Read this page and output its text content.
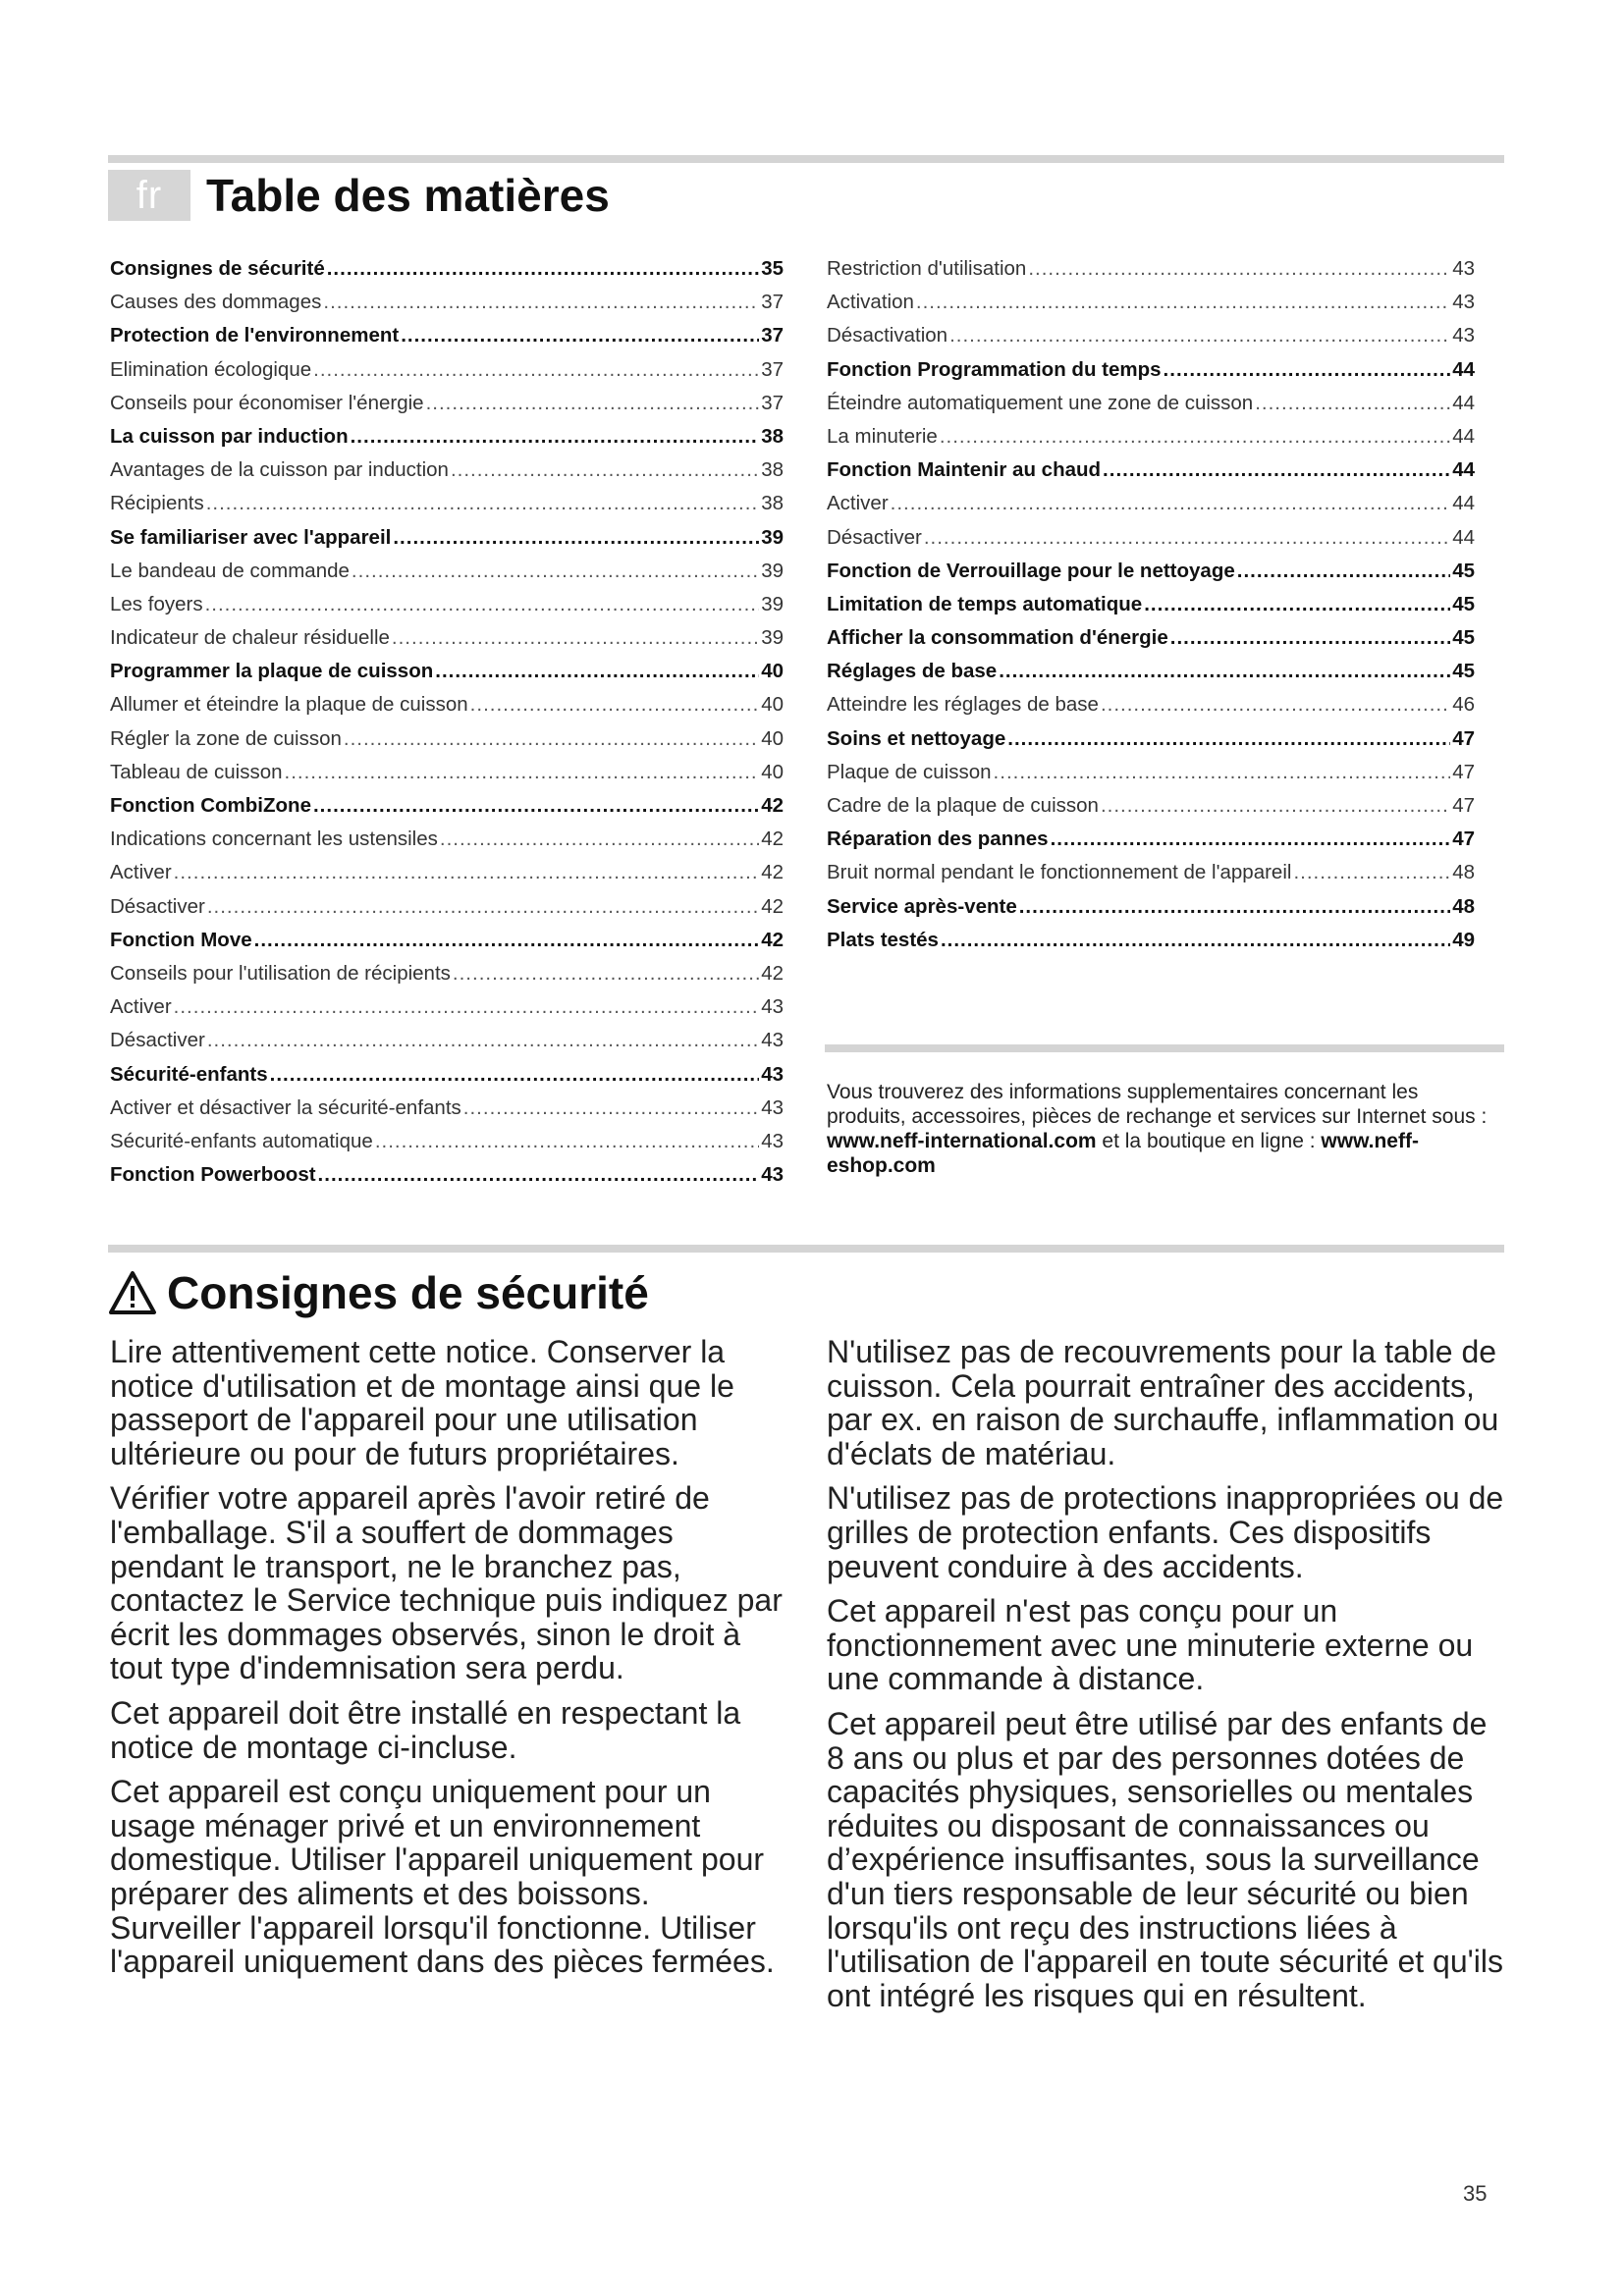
fr Table des matières
Consignes de sécurité .....	35
Causes des dommages .....	37
Protection de l'environnement .....	37
Elimination écologique .....	37
Conseils pour économiser l'énergie .....	37
La cuisson par induction .....	38
Avantages de la cuisson par induction .....	38
Récipients .....	38
Se familiariser avec l'appareil .....	39
Le bandeau de commande .....	39
Les foyers .....	39
Indicateur de chaleur résiduelle .....	39
Programmer la plaque de cuisson .....	40
Allumer et éteindre la plaque de cuisson .....	40
Régler la zone de cuisson .....	40
Tableau de cuisson .....	40
Fonction CombiZone .....	42
Indications concernant les ustensiles .....	42
Activer .....	42
Désactiver .....	42
Fonction Move .....	42
Conseils pour l'utilisation de récipients .....	42
Activer .....	43
Désactiver .....	43
Sécurité-enfants .....	43
Activer et désactiver la sécurité-enfants .....	43
Sécurité-enfants automatique .....	43
Fonction Powerboost .....	43
Restriction d'utilisation .....	43
Activation .....	43
Désactivation .....	43
Fonction Programmation du temps .....	44
Éteindre automatiquement une zone de cuisson .....	44
La minuterie .....	44
Fonction Maintenir au chaud .....	44
Activer .....	44
Désactiver .....	44
Fonction de Verrouillage pour le nettoyage .....	45
Limitation de temps automatique .....	45
Afficher la consommation d'énergie .....	45
Réglages de base .....	45
Atteindre les réglages de base .....	46
Soins et nettoyage .....	47
Plaque de cuisson .....	47
Cadre de la plaque de cuisson .....	47
Réparation des pannes .....	47
Bruit normal pendant le fonctionnement de l'appareil .....	48
Service après-vente .....	48
Plats testés .....	49
Vous trouverez des informations supplementaires concernant les produits, accessoires, pièces de rechange et services sur Internet sous : www.neff-international.com et la boutique en ligne : www.neff-eshop.com
Consignes de sécurité

Lire attentivement cette notice. Conserver la notice d'utilisation et de montage ainsi que le passeport de l'appareil pour une utilisation ultérieure ou pour de futurs propriétaires.

Vérifier votre appareil après l'avoir retiré de l'emballage. S'il a souffert de dommages pendant le transport, ne le branchez pas, contactez le Service technique puis indiquez par écrit les dommages observés, sinon le droit à tout type d'indemnisation sera perdu.

Cet appareil doit être installé en respectant la notice de montage ci-incluse.

Cet appareil est conçu uniquement pour un usage ménager privé et un environnement domestique. Utiliser l'appareil uniquement pour préparer des aliments et des boissons. Surveiller l'appareil lorsqu'il fonctionne. Utiliser l'appareil uniquement dans des pièces fermées.

N'utilisez pas de recouvrements pour la table de cuisson. Cela pourrait entraîner des accidents, par ex. en raison de surchauffe, inflammation ou d'éclats de matériau.

N'utilisez pas de protections inappropriées ou de grilles de protection enfants. Ces dispositifs peuvent conduire à des accidents.

Cet appareil n'est pas conçu pour un fonctionnement avec une minuterie externe ou une commande à distance.

Cet appareil peut être utilisé par des enfants de 8 ans ou plus et par des personnes dotées de capacités physiques, sensorielles ou mentales réduites ou disposant de connaissances ou d’expérience insuffisantes, sous la surveillance d'un tiers responsable de leur sécurité ou bien lorsqu'ils ont reçu des instructions liées à l'utilisation de l'appareil en toute sécurité et qu'ils ont intégré les risques qui en résultent.

35
